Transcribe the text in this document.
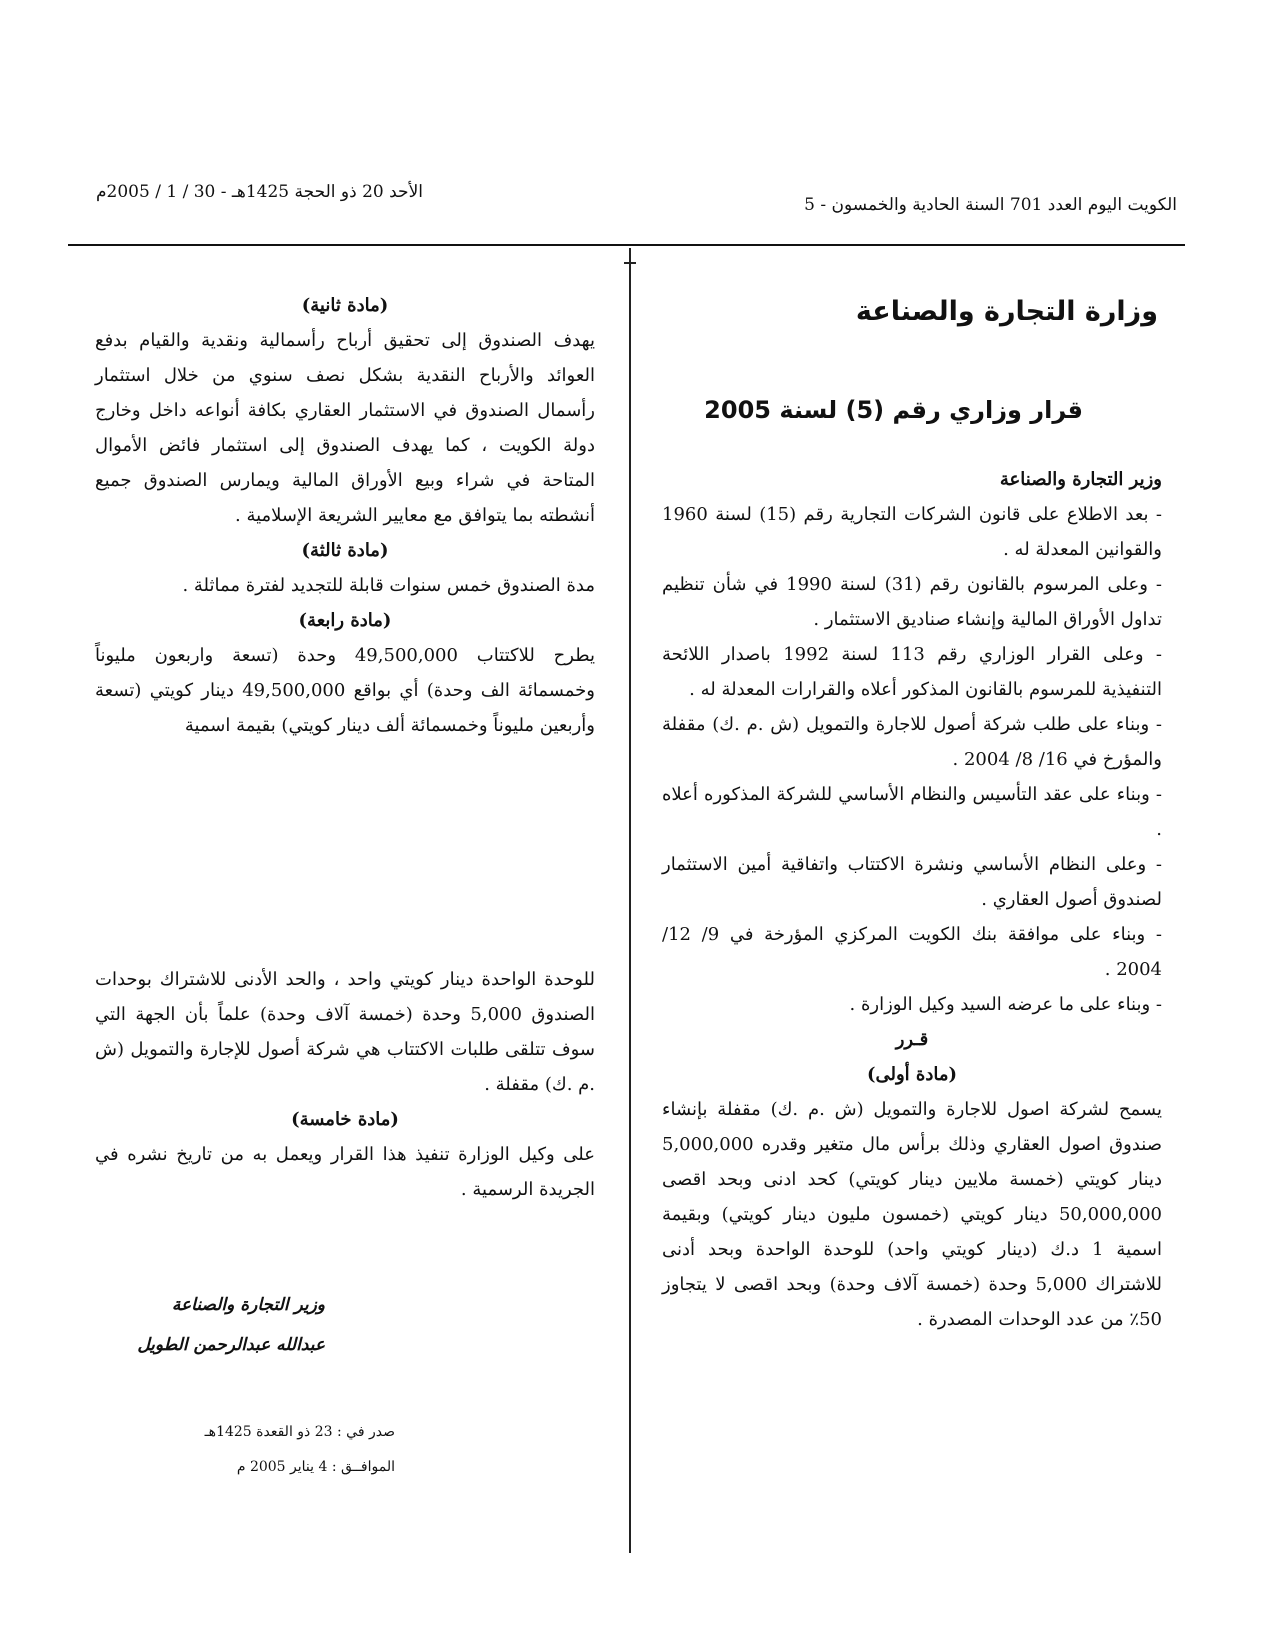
الكويت اليوم العدد 701 السنة الحادية والخمسون - 5
الأحد 20 ذو الحجة 1425هـ - 30 / 1 / 2005م
وزارة التجارة والصناعة
قرار وزاري رقم (5) لسنة 2005

وزير التجارة والصناعة

- بعد الاطلاع على قانون الشركات التجارية رقم (15) لسنة 1960 والقوانين المعدلة له .

- وعلى المرسوم بالقانون رقم (31) لسنة 1990 في شأن تنظيم تداول الأوراق المالية وإنشاء صناديق الاستثمار .

- وعلى القرار الوزاري رقم 113 لسنة 1992 باصدار اللائحة التنفيذية للمرسوم بالقانون المذكور أعلاه والقرارات المعدلة له .

- وبناء على طلب شركة أصول للاجارة والتمويل (ش .م .ك) مقفلة والمؤرخ في 16/ 8/ 2004 .

- وبناء على عقد التأسيس والنظام الأساسي للشركة المذكوره أعلاه .

- وعلى النظام الأساسي ونشرة الاكتتاب واتفاقية أمين الاستثمار لصندوق أصول العقاري .

- وبناء على موافقة بنك الكويت المركزي المؤرخة في 9/ 12/ 2004 .

- وبناء على ما عرضه السيد وكيل الوزارة .

قـرر

(مادة أولى)

يسمح لشركة اصول للاجارة والتمويل (ش .م .ك) مقفلة بإنشاء صندوق اصول العقاري وذلك برأس مال متغير وقدره 5,000,000 دينار كويتي (خمسة ملايين دينار كويتي) كحد ادنى وبحد اقصى 50,000,000 دينار كويتي (خمسون مليون دينار كويتي) وبقيمة اسمية 1 د.ك (دينار كويتي واحد) للوحدة الواحدة وبحد أدنى للاشتراك 5,000 وحدة (خمسة آلاف وحدة) وبحد اقصى لا يتجاوز 50٪ من عدد الوحدات المصدرة .

(مادة ثانية)

يهدف الصندوق إلى تحقيق أرباح رأسمالية ونقدية والقيام بدفع العوائد والأرباح النقدية بشكل نصف سنوي من خلال استثمار رأسمال الصندوق في الاستثمار العقاري بكافة أنواعه داخل وخارج دولة الكويت ، كما يهدف الصندوق إلى استثمار فائض الأموال المتاحة في شراء وبيع الأوراق المالية ويمارس الصندوق جميع أنشطته بما يتوافق مع معايير الشريعة الإسلامية .

(مادة ثالثة)

مدة الصندوق خمس سنوات قابلة للتجديد لفترة مماثلة .

(مادة رابعة)

يطرح للاكتتاب 49,500,000 وحدة (تسعة واربعون مليوناً وخمسمائة الف وحدة) أي بواقع 49,500,000 دينار كويتي (تسعة وأربعين مليوناً وخمسمائة ألف دينار كويتي) بقيمة اسمية

للوحدة الواحدة دينار كويتي واحد ، والحد الأدنى للاشتراك بوحدات الصندوق 5,000 وحدة (خمسة آلاف وحدة) علماً بأن الجهة التي سوف تتلقى طلبات الاكتتاب هي شركة أصول للإجارة والتمويل (ش .م .ك) مقفلة .

(مادة خامسة)

على وكيل الوزارة تنفيذ هذا القرار ويعمل به من تاريخ نشره في الجريدة الرسمية .

وزير التجارة والصناعة
عبدالله عبدالرحمن الطويل
صدر في : 23 ذو القعدة 1425هـ
الموافــق : 4 يناير 2005 م
